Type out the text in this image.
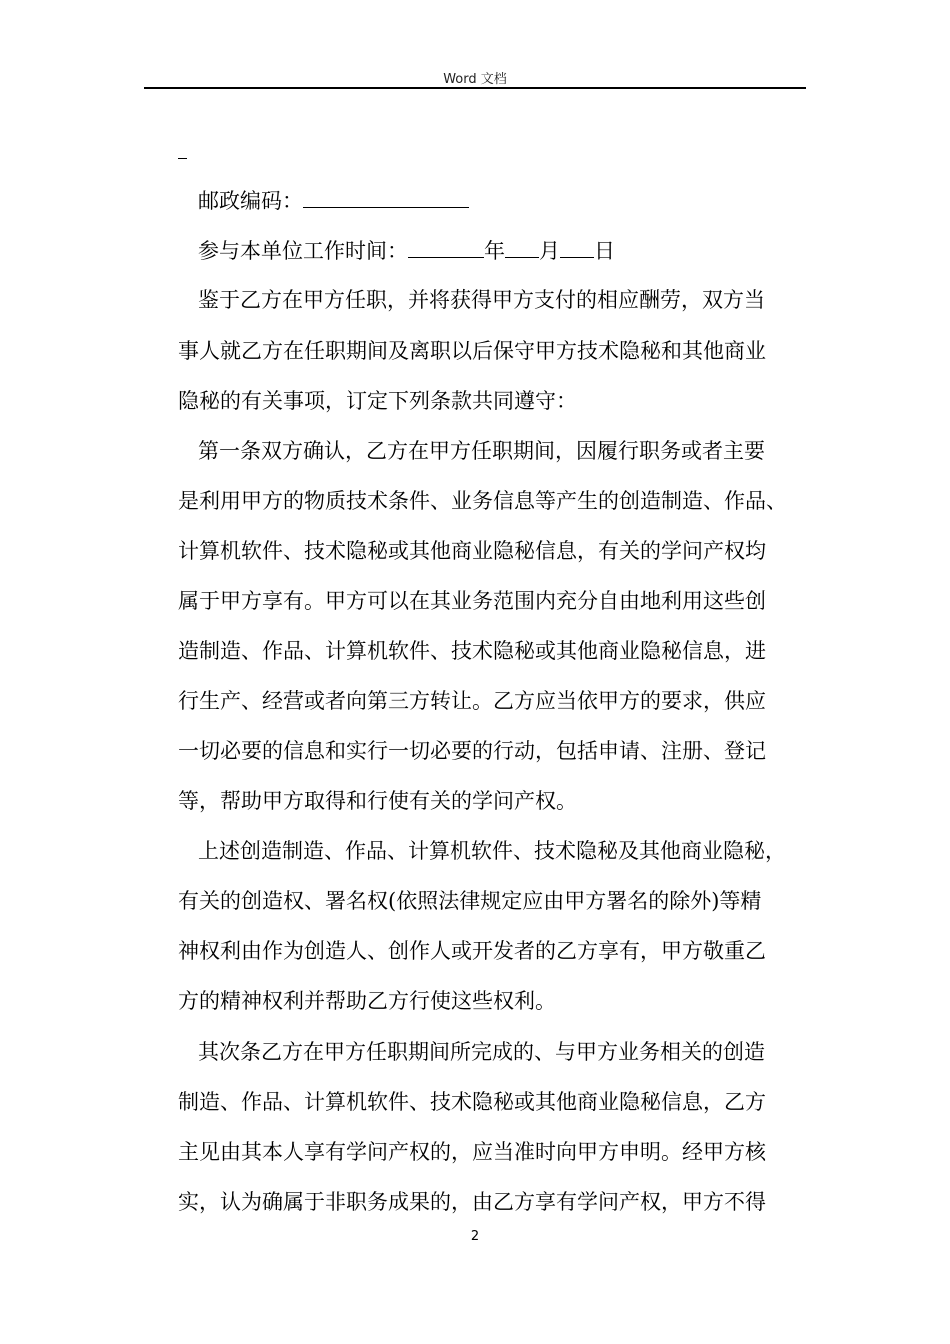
Word 文档
邮政编码：
参与本单位工作时间：	年 月 日
鉴于乙方在甲方任职，并将获得甲方支付的相应酬劳，双方当
事人就乙方在任职期间及离职以后保守甲方技术隐秘和其他商业
隐秘的有关事项，订定下列条款共同遵守：
第一条双方确认，乙方在甲方任职期间，因履行职务或者主要
是利用甲方的物质技术条件、业务信息等产生的创造制造、作品、
计算机软件、技术隐秘或其他商业隐秘信息，有关的学问产权均
属于甲方享有。甲方可以在其业务范围内充分自由地利用这些创
造制造、作品、计算机软件、技术隐秘或其他商业隐秘信息，进
行生产、经营或者向第三方转让。乙方应当依甲方的要求，供应
一切必要的信息和实行一切必要的行动，包括申请、注册、登记
等，帮助甲方取得和行使有关的学问产权。
上述创造制造、作品、计算机软件、技术隐秘及其他商业隐秘，
有关的创造权、署名权(依照法律规定应由甲方署名的除外)等精
神权利由作为创造人、创作人或开发者的乙方享有，甲方敬重乙
方的精神权利并帮助乙方行使这些权利。
其次条乙方在甲方任职期间所完成的、与甲方业务相关的创造
制造、作品、计算机软件、技术隐秘或其他商业隐秘信息，乙方
主见由其本人享有学问产权的，应当准时向甲方申明。经甲方核
实，认为确属于非职务成果的，由乙方享有学问产权，甲方不得
2
